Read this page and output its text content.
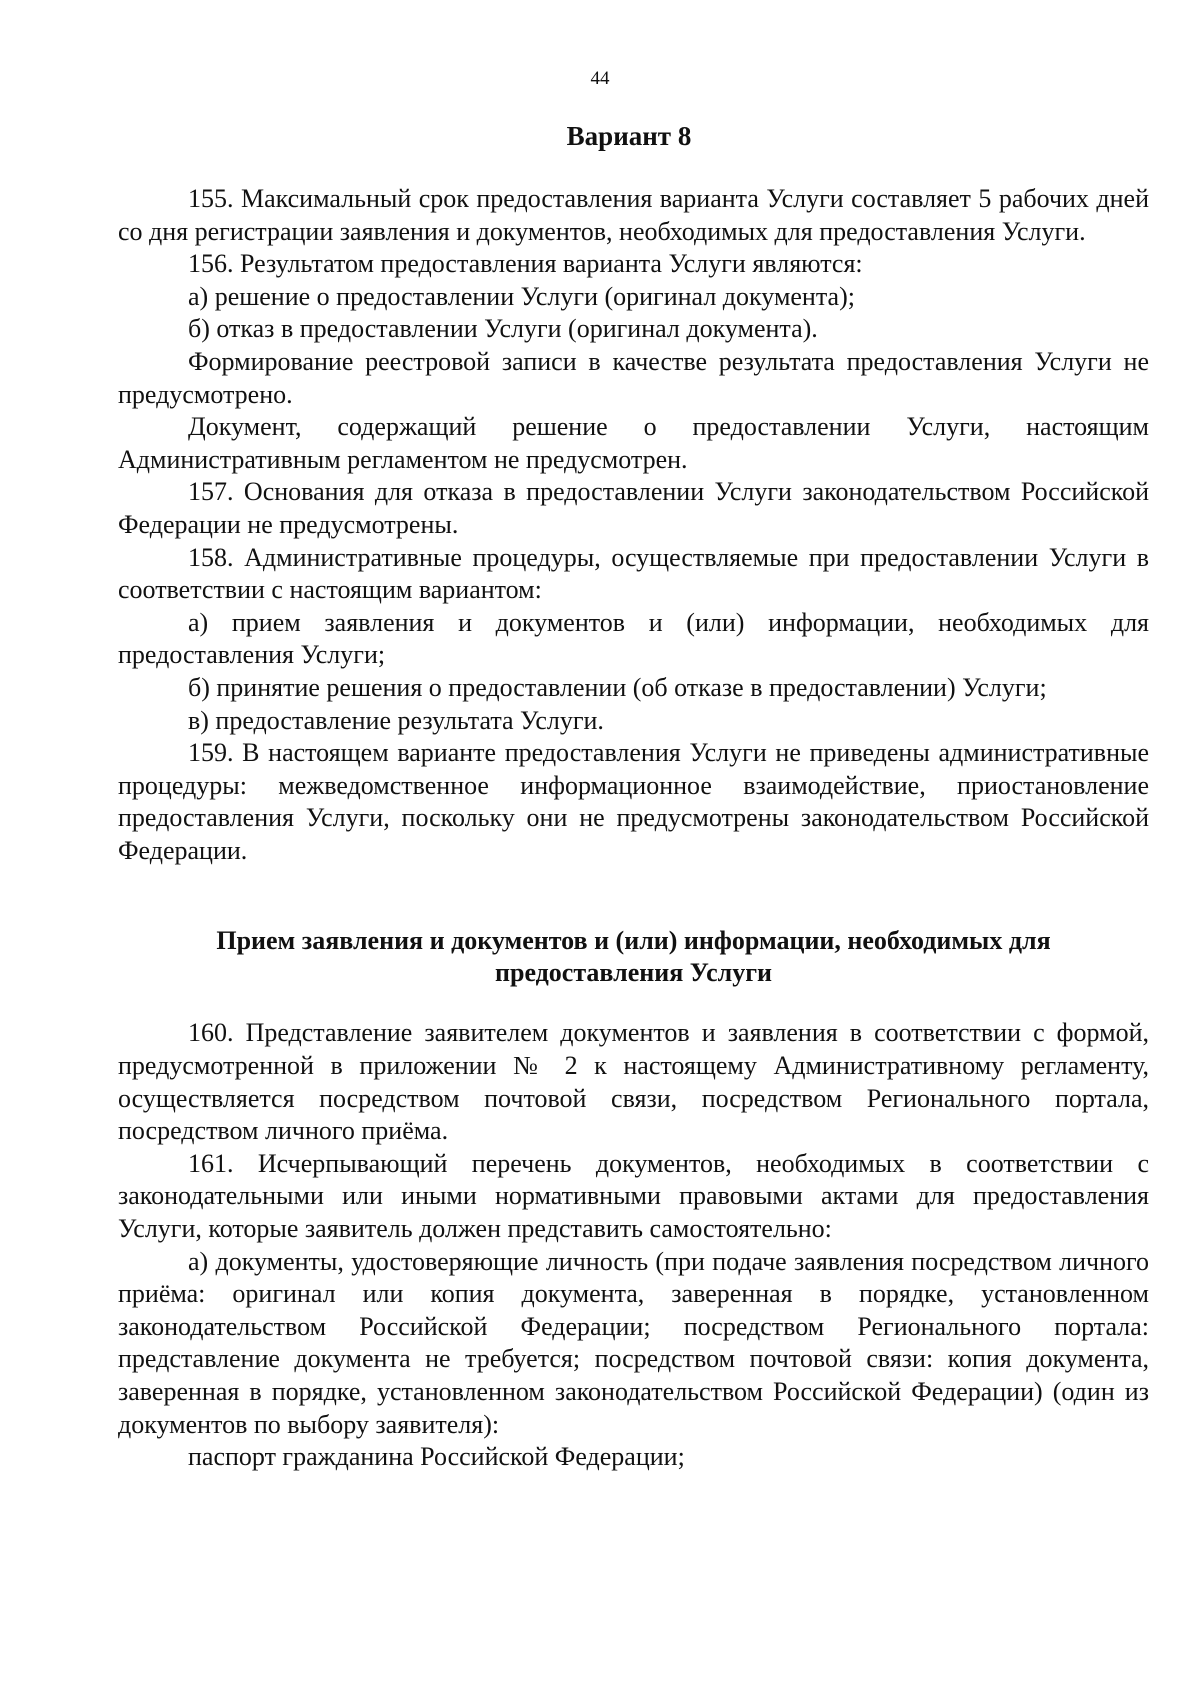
44
Вариант 8

155. Максимальный срок предоставления варианта Услуги составляет 5 рабочих дней со дня регистрации заявления и документов, необходимых для предоставления Услуги.

156. Результатом предоставления варианта Услуги являются:

а) решение о предоставлении Услуги (оригинал документа);

б) отказ в предоставлении Услуги (оригинал документа).

Формирование реестровой записи в качестве результата предоставления Услуги не предусмотрено.

Документ, содержащий решение о предоставлении Услуги, настоящим Административным регламентом не предусмотрен.

157. Основания для отказа в предоставлении Услуги законодательством Российской Федерации не предусмотрены.

158. Административные процедуры, осуществляемые при предоставлении Услуги в соответствии с настоящим вариантом:

а) прием заявления и документов и (или) информации, необходимых для предоставления Услуги;

б) принятие решения о предоставлении (об отказе в предоставлении) Услуги;

в) предоставление результата Услуги.

159. В настоящем варианте предоставления Услуги не приведены административные процедуры: межведомственное информационное взаимодействие, приостановление предоставления Услуги, поскольку они не предусмотрены законодательством Российской Федерации.

Прием заявления и документов и (или) информации, необходимых для
предоставления Услуги

160. Представление заявителем документов и заявления в соответствии с формой, предусмотренной в приложении № 2 к настоящему Административному регламенту, осуществляется посредством почтовой связи, посредством Регионального портала, посредством личного приёма.

161. Исчерпывающий перечень документов, необходимых в соответствии с законодательными или иными нормативными правовыми актами для предоставления Услуги, которые заявитель должен представить самостоятельно:

а) документы, удостоверяющие личность (при подаче заявления посредством личного приёма: оригинал или копия документа, заверенная в порядке, установленном законодательством Российской Федерации; посредством Регионального портала: представление документа не требуется; посредством почтовой связи: копия документа, заверенная в порядке, установленном законодательством Российской Федерации) (один из документов по выбору заявителя):

паспорт гражданина Российской Федерации;
